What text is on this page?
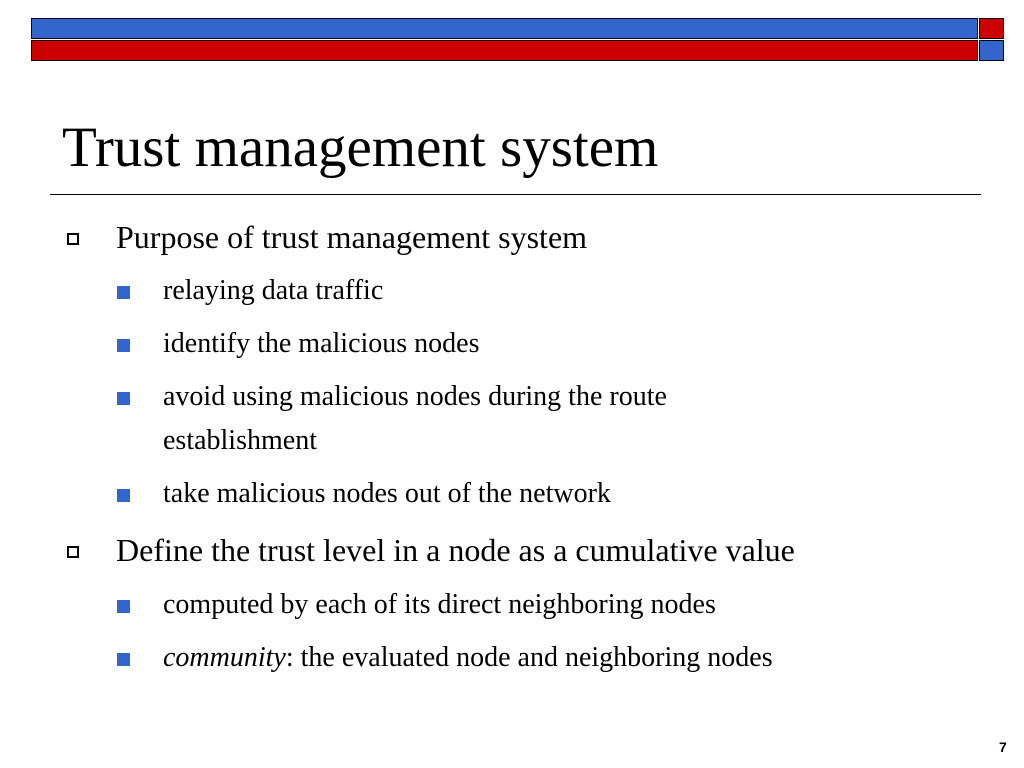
Trust management system
Purpose of trust management system
relaying data traffic
identify the malicious nodes
avoid using malicious nodes during the route
establishment
take malicious nodes out of the network
Define the trust level in a node as a cumulative value
computed by each of its direct neighboring nodes
community: the evaluated node and neighboring nodes
7
